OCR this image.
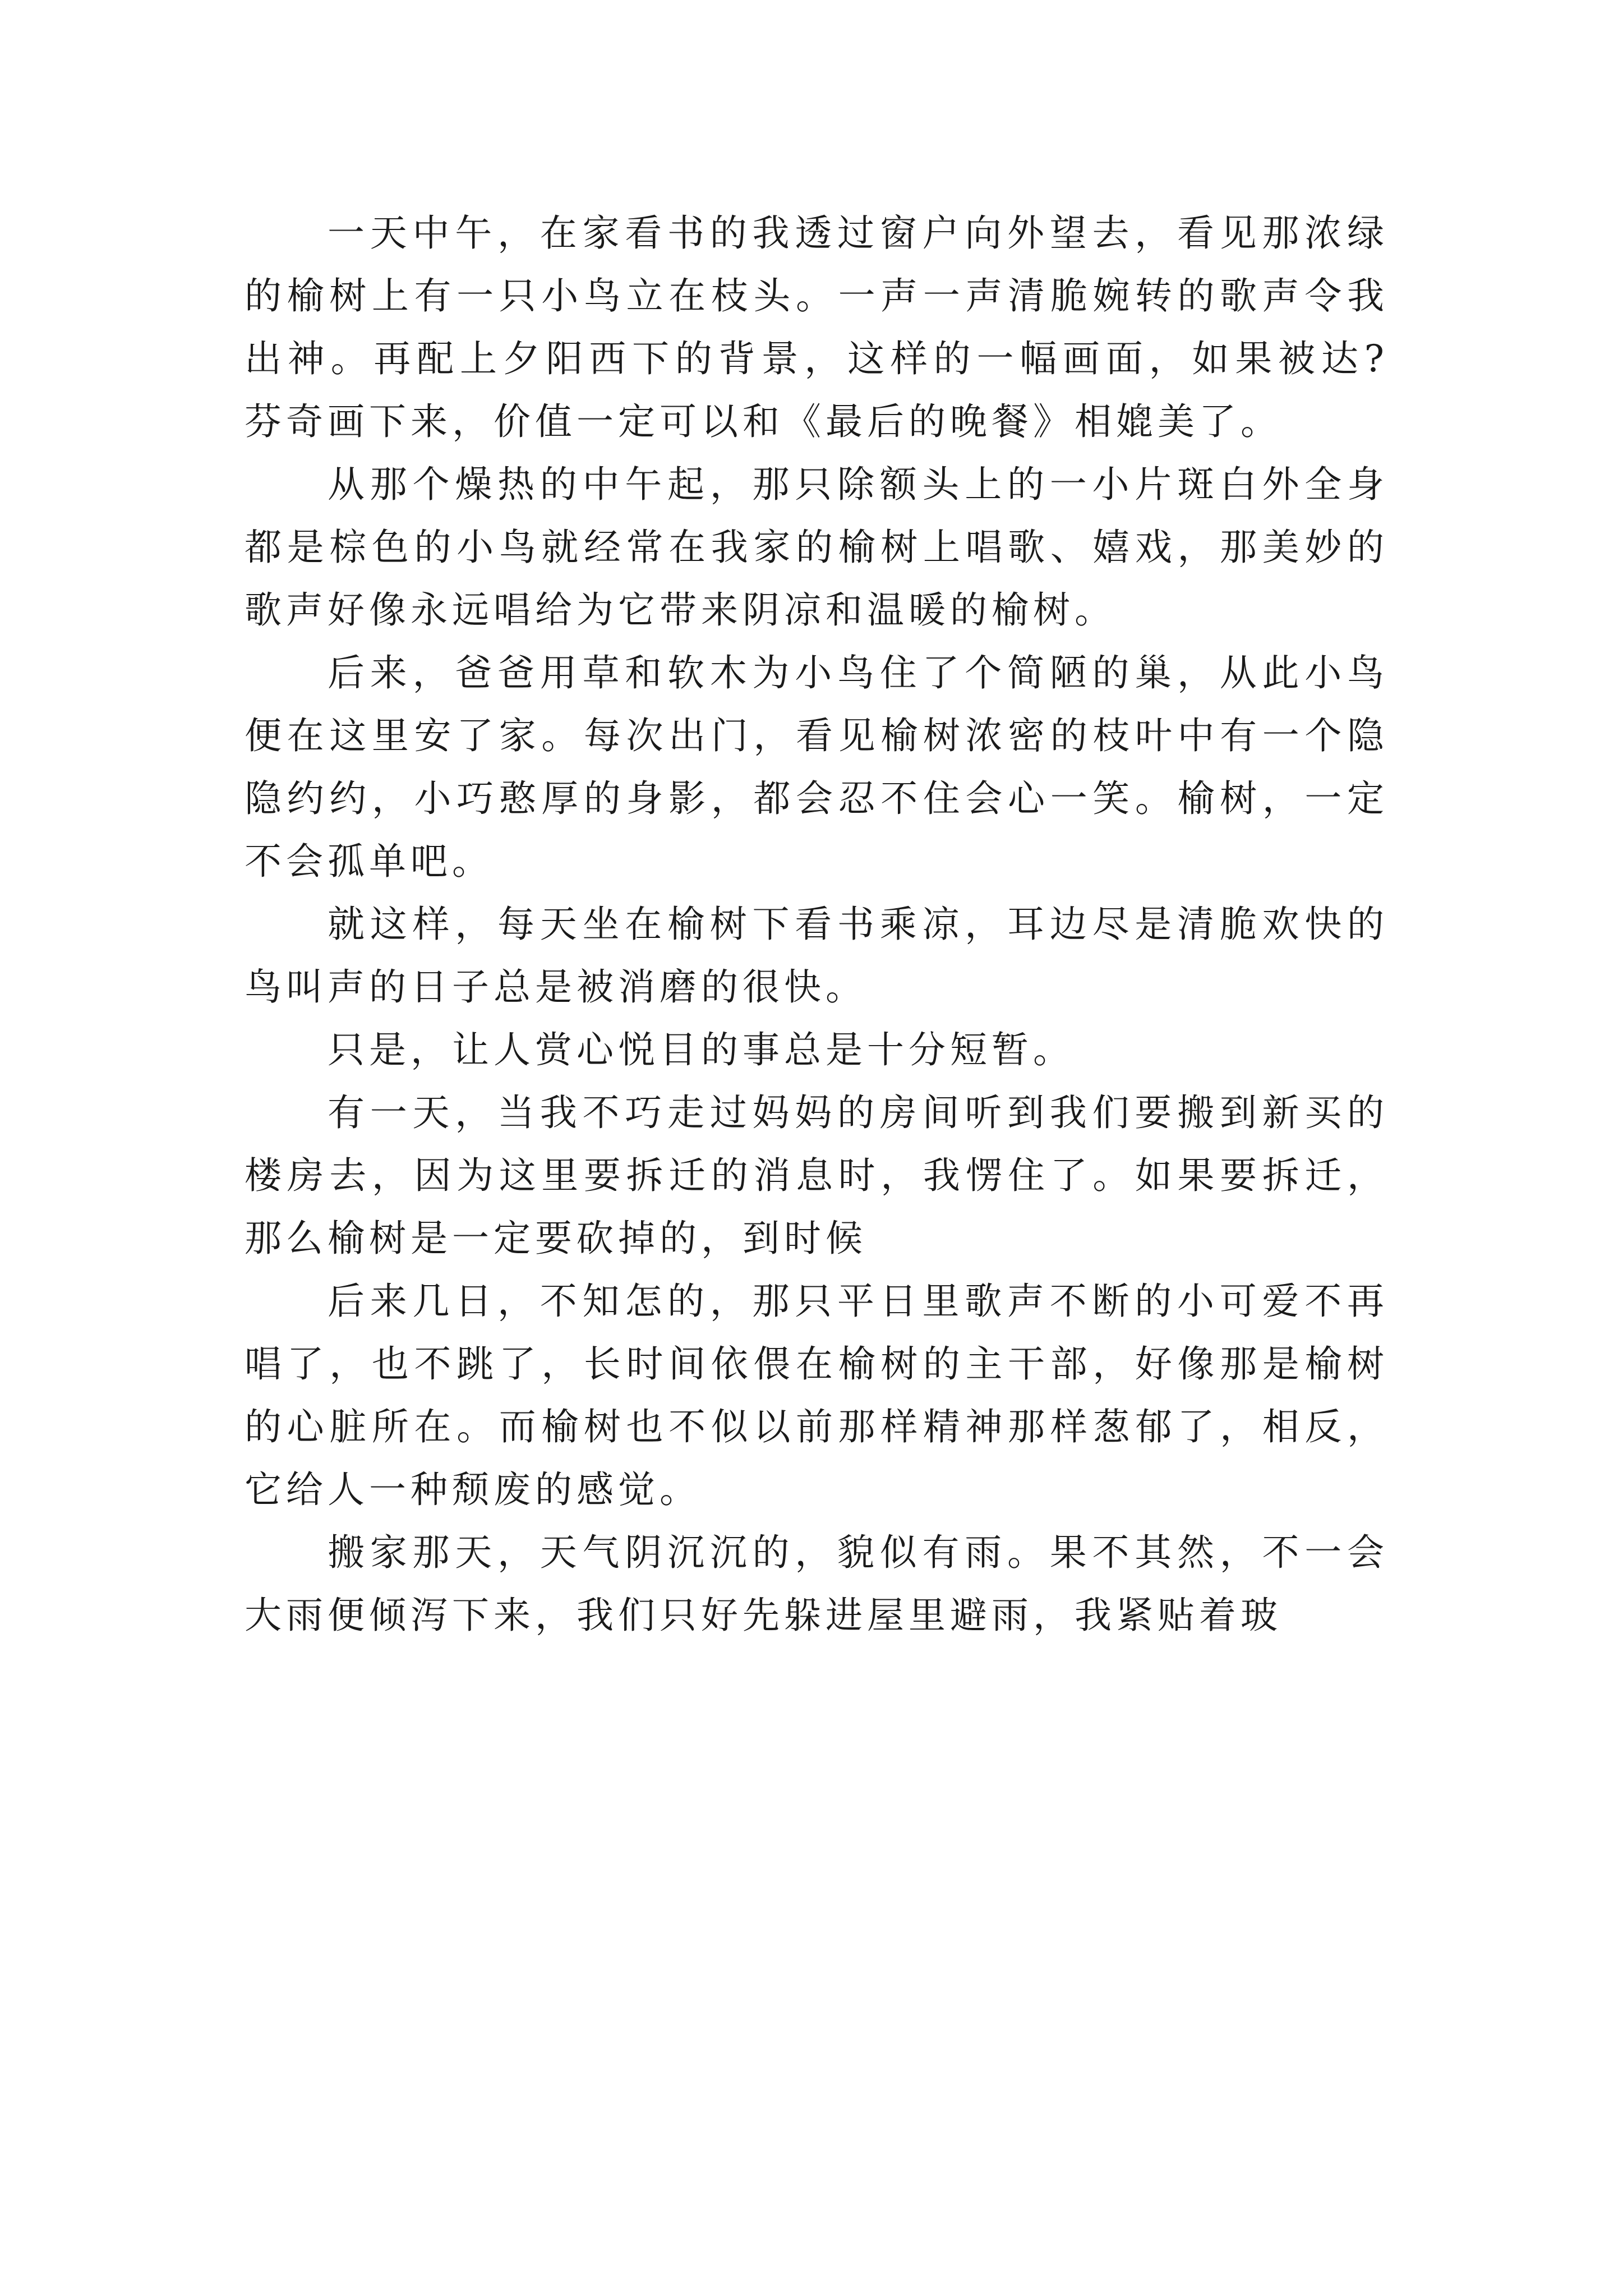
一天中午，在家看书的我透过窗户向外望去，看见那浓绿的榆树上有一只小鸟立在枝头。一声一声清脆婉转的歌声令我出神。再配上夕阳西下的背景，这样的一幅画面，如果被达?芬奇画下来，价值一定可以和《最后的晚餐》相媲美了。

从那个燥热的中午起，那只除额头上的一小片斑白外全身都是棕色的小鸟就经常在我家的榆树上唱歌、嬉戏，那美妙的歌声好像永远唱给为它带来阴凉和温暖的榆树。

后来，爸爸用草和软木为小鸟住了个简陋的巢，从此小鸟便在这里安了家。每次出门，看见榆树浓密的枝叶中有一个隐隐约约，小巧憨厚的身影，都会忍不住会心一笑。榆树，一定不会孤单吧。

就这样，每天坐在榆树下看书乘凉，耳边尽是清脆欢快的鸟叫声的日子总是被消磨的很快。

只是，让人赏心悦目的事总是十分短暂。

有一天，当我不巧走过妈妈的房间听到我们要搬到新买的楼房去，因为这里要拆迁的消息时，我愣住了。如果要拆迁，那么榆树是一定要砍掉的，到时候

后来几日，不知怎的，那只平日里歌声不断的小可爱不再唱了，也不跳了，长时间依偎在榆树的主干部，好像那是榆树的心脏所在。而榆树也不似以前那样精神那样葱郁了，相反，它给人一种颓废的感觉。

搬家那天，天气阴沉沉的，貌似有雨。果不其然，不一会大雨便倾泻下来，我们只好先躲进屋里避雨，我紧贴着玻
